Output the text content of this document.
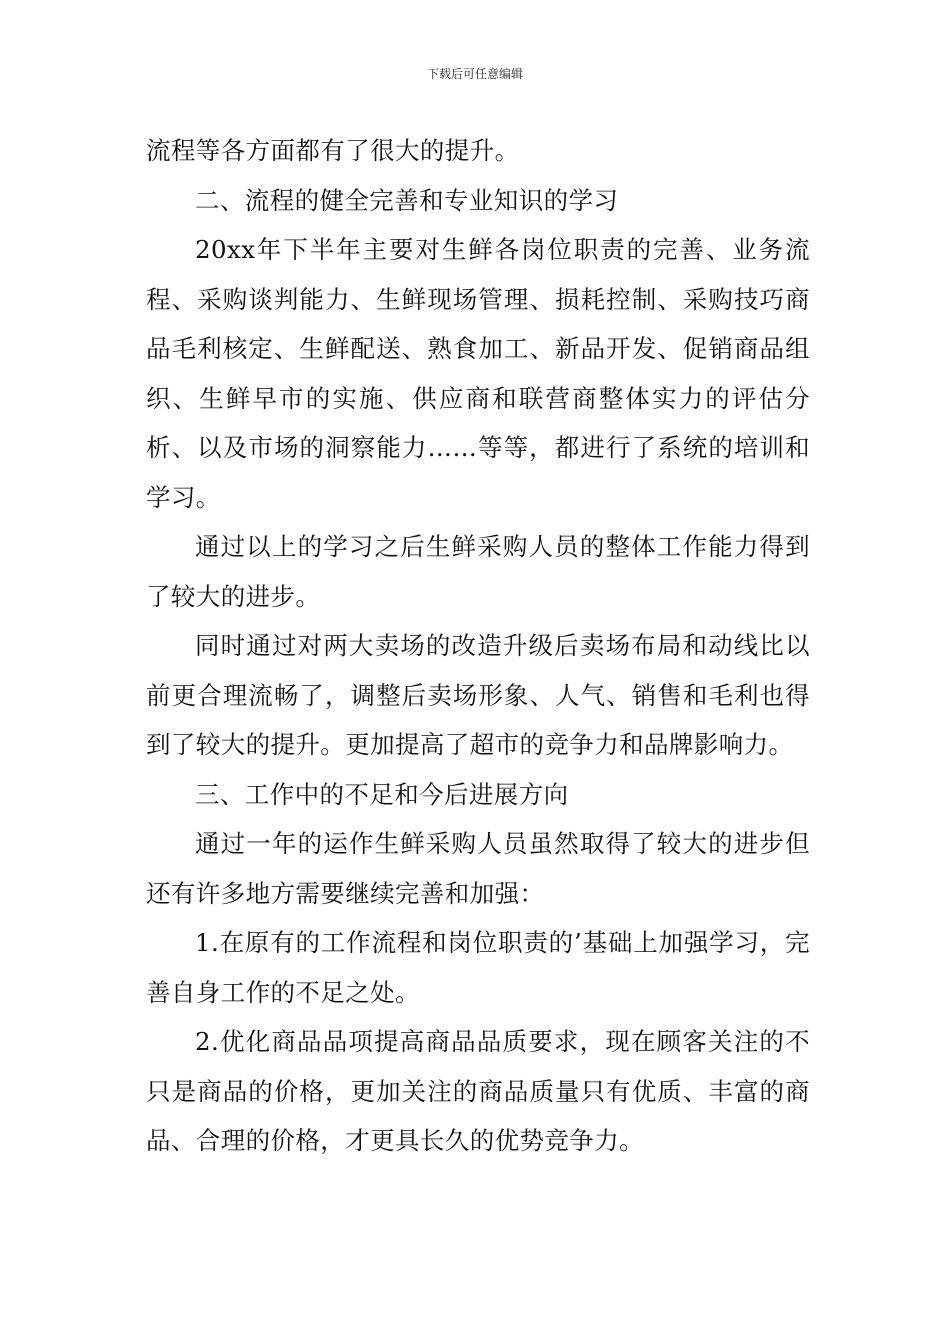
下载后可任意编辑

流程等各方面都有了很大的提升。

二、流程的健全完善和专业知识的学习

20xx年下半年主要对生鲜各岗位职责的完善、业务流程、采购谈判能力、生鲜现场管理、损耗控制、采购技巧商品毛利核定、生鲜配送、熟食加工、新品开发、促销商品组织、生鲜早市的实施、供应商和联营商整体实力的评估分析、以及市场的洞察能力……等等，都进行了系统的培训和学习。

通过以上的学习之后生鲜采购人员的整体工作能力得到了较大的进步。

同时通过对两大卖场的改造升级后卖场布局和动线比以前更合理流畅了，调整后卖场形象、人气、销售和毛利也得到了较大的提升。更加提高了超市的竞争力和品牌影响力。

三、工作中的不足和今后进展方向

通过一年的运作生鲜采购人员虽然取得了较大的进步但还有许多地方需要继续完善和加强：

1.在原有的工作流程和岗位职责的’基础上加强学习，完善自身工作的不足之处。

2.优化商品品项提高商品品质要求，现在顾客关注的不只是商品的价格，更加关注的商品质量只有优质、丰富的商品、合理的价格，才更具长久的优势竞争力。
